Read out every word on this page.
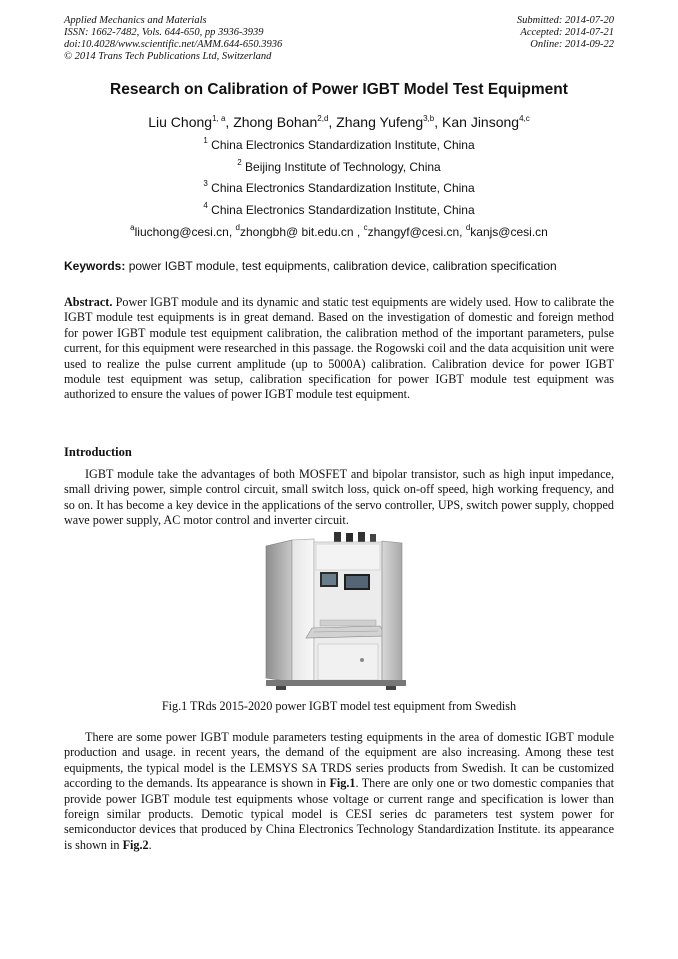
Applied Mechanics and Materials
ISSN: 1662-7482, Vols. 644-650, pp 3936-3939
doi:10.4028/www.scientific.net/AMM.644-650.3936
© 2014 Trans Tech Publications Ltd, Switzerland
Submitted: 2014-07-20
Accepted: 2014-07-21
Online: 2014-09-22
Research on Calibration of Power IGBT Model Test Equipment
Liu Chong$^{1, a}$, Zhong Bohan$^{2,d}$, Zhang Yufeng$^{3,b}$, Kan Jinsong$^{4,c}$
$^1$ China Electronics Standardization Institute, China
$^2$ Beijing Institute of Technology, China
$^3$ China Electronics Standardization Institute, China
$^4$ China Electronics Standardization Institute, China
$^a$liuchong@cesi.cn, $^d$zhongbh@ bit.edu.cn , $^c$zhangyf@cesi.cn, $^d$kanjs@cesi.cn
Keywords: power IGBT module, test equipments, calibration device, calibration specification
Abstract. Power IGBT module and its dynamic and static test equipments are widely used. How to calibrate the IGBT module test equipments is in great demand. Based on the investigation of domestic and foreign method for power IGBT module test equipment calibration, the calibration method of the important parameters, pulse current, for this equipment were researched in this passage. the Rogowski coil and the data acquisition unit were used to realize the pulse current amplitude (up to 5000A) calibration. Calibration device for power IGBT module test equipment was setup, calibration specification for power IGBT module test equipment was authorized to ensure the values of power IGBT module test equipment.
Introduction
IGBT module take the advantages of both MOSFET and bipolar transistor, such as high input impedance, small driving power, simple control circuit, small switch loss, quick on-off speed, high working frequency, and so on. It has become a key device in the applications of the servo controller, UPS, switch power supply, chopped wave power supply, AC motor control and inverter circuit.
Fig.1 TRds 2015-2020 power IGBT model test equipment from Swedish
There are some power IGBT module parameters testing equipments in the area of domestic IGBT module production and usage. in recent years, the demand of the equipment are also increasing. Among these test equipments, the typical model is the LEMSYS SA TRDS series products from Swedish. It can be customized according to the demands. Its appearance is shown in Fig.1. There are only one or two domestic companies that provide power IGBT module test equipments whose voltage or current range and specification is lower than foreign similar products. Demotic typical model is CESI series dc parameters test system power for semiconductor devices that produced by China Electronics Technology Standardization Institute. its appearance is shown in Fig.2.
